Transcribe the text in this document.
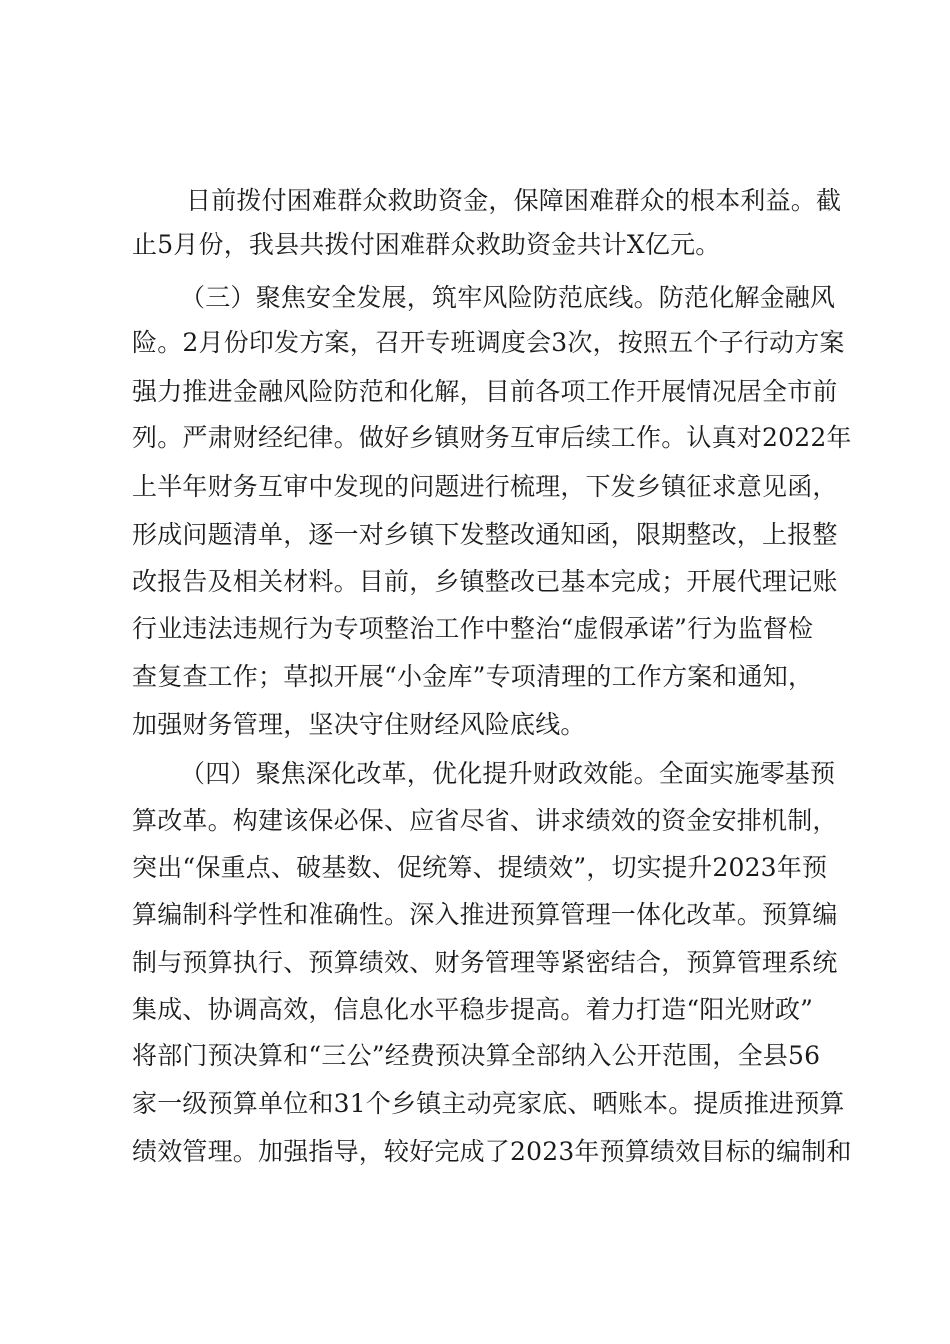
日前拨付困难群众救助资金，保障困难群众的根本利益。截

止5月份，我县共拨付困难群众救助资金共计X亿元。

（三）聚焦安全发展，筑牢风险防范底线。防范化解金融风

险。2月份印发方案，召开专班调度会3次，按照五个子行动方案

强力推进金融风险防范和化解，目前各项工作开展情况居全市前

列。严肃财经纪律。做好乡镇财务互审后续工作。认真对2022年

上半年财务互审中发现的问题进行梳理，下发乡镇征求意见函，

形成问题清单，逐一对乡镇下发整改通知函，限期整改，上报整

改报告及相关材料。目前，乡镇整改已基本完成；开展代理记账

行业违法违规行为专项整治工作中整治“虚假承诺”行为监督检

查复查工作；草拟开展“小金库”专项清理的工作方案和通知，

加强财务管理，坚决守住财经风险底线。

（四）聚焦深化改革，优化提升财政效能。全面实施零基预

算改革。构建该保必保、应省尽省、讲求绩效的资金安排机制，

突出“保重点、破基数、促统筹、提绩效”，切实提升2023年预

算编制科学性和准确性。深入推进预算管理一体化改革。预算编

制与预算执行、预算绩效、财务管理等紧密结合，预算管理系统

集成、协调高效，信息化水平稳步提高。着力打造“阳光财政”

将部门预决算和“三公”经费预决算全部纳入公开范围，全县56

家一级预算单位和31个乡镇主动亮家底、晒账本。提质推进预算

绩效管理。加强指导，较好完成了2023年预算绩效目标的编制和
